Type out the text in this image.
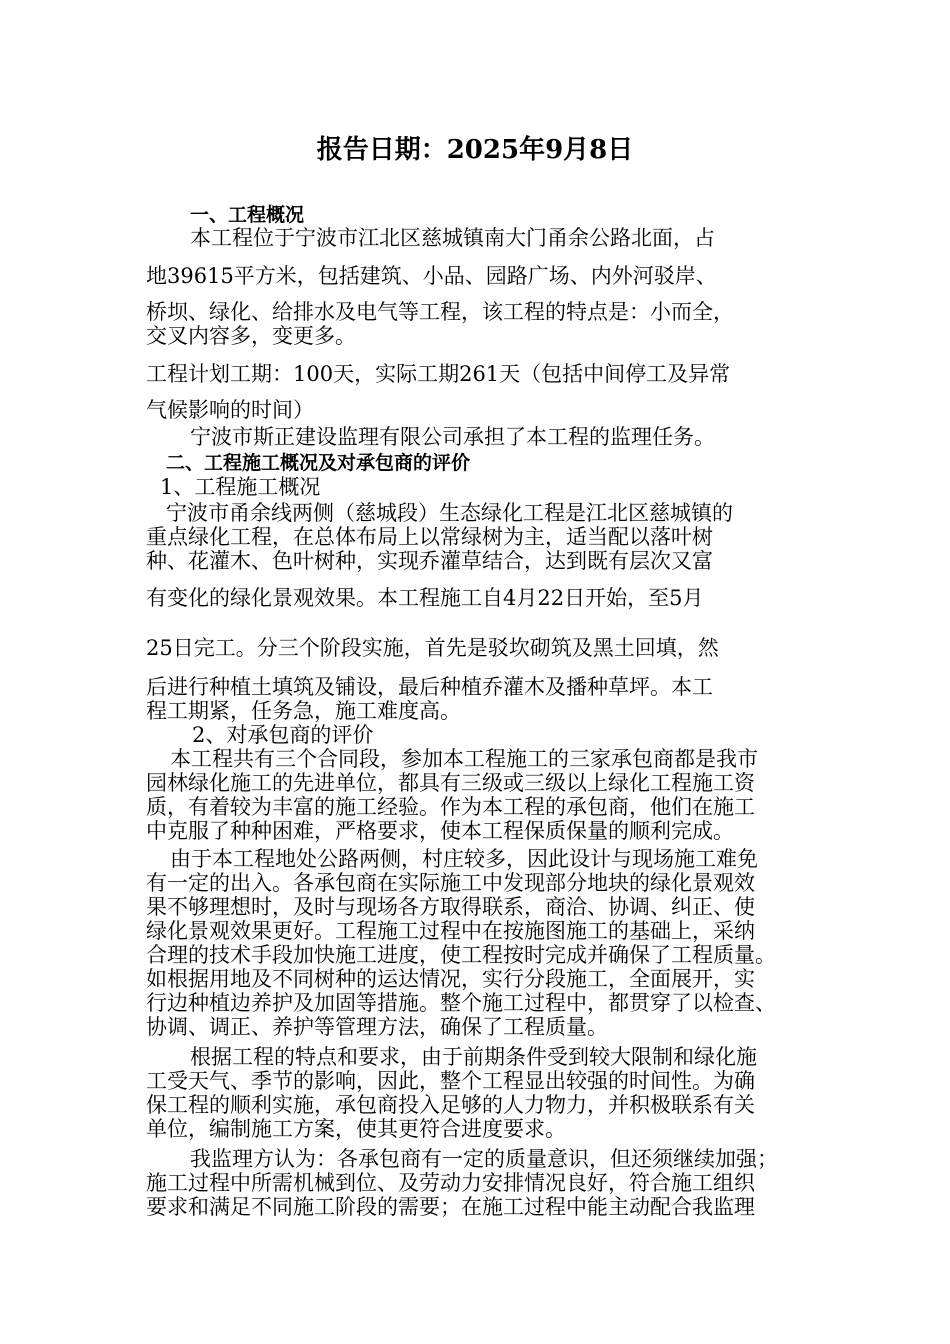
报告日期：2025年9月8日
一、工程概况
本工程位于宁波市江北区慈城镇南大门甬余公路北面，占
地39615平方米，包括建筑、小品、园路广场、内外河驳岸、
桥坝、绿化、给排水及电气等工程，该工程的特点是：小而全，
交叉内容多，变更多。
工程计划工期：100天，实际工期261天（包括中间停工及异常
气候影响的时间）
宁波市斯正建设监理有限公司承担了本工程的监理任务。
二、工程施工概况及对承包商的评价
1、工程施工概况
宁波市甬余线两侧（慈城段）生态绿化工程是江北区慈城镇的
重点绿化工程，在总体布局上以常绿树为主，适当配以落叶树
种、花灌木、色叶树种，实现乔灌草结合，达到既有层次又富
有变化的绿化景观效果。本工程施工自4月22日开始，至5月
25日完工。分三个阶段实施，首先是驳坎砌筑及黑土回填，然
后进行种植土填筑及铺设，最后种植乔灌木及播种草坪。本工
程工期紧，任务急，施工难度高。
2、对承包商的评价
本工程共有三个合同段，参加本工程施工的三家承包商都是我市
园林绿化施工的先进单位，都具有三级或三级以上绿化工程施工资
质，有着较为丰富的施工经验。作为本工程的承包商，他们在施工
中克服了种种困难，严格要求，使本工程保质保量的顺利完成。
由于本工程地处公路两侧，村庄较多，因此设计与现场施工难免
有一定的出入。各承包商在实际施工中发现部分地块的绿化景观效
果不够理想时，及时与现场各方取得联系，商洽、协调、纠正、使
绿化景观效果更好。工程施工过程中在按施图施工的基础上，采纳
合理的技术手段加快施工进度，使工程按时完成并确保了工程质量。
如根据用地及不同树种的运达情况，实行分段施工，全面展开，实
行边种植边养护及加固等措施。整个施工过程中，都贯穿了以检查、
协调、调正、养护等管理方法，确保了工程质量。
根据工程的特点和要求，由于前期条件受到较大限制和绿化施
工受天气、季节的影响，因此，整个工程显出较强的时间性。为确
保工程的顺利实施，承包商投入足够的人力物力，并积极联系有关
单位，编制施工方案，使其更符合进度要求。
我监理方认为：各承包商有一定的质量意识，但还须继续加强；
施工过程中所需机械到位、及劳动力安排情况良好，符合施工组织
要求和满足不同施工阶段的需要；在施工过程中能主动配合我监理
